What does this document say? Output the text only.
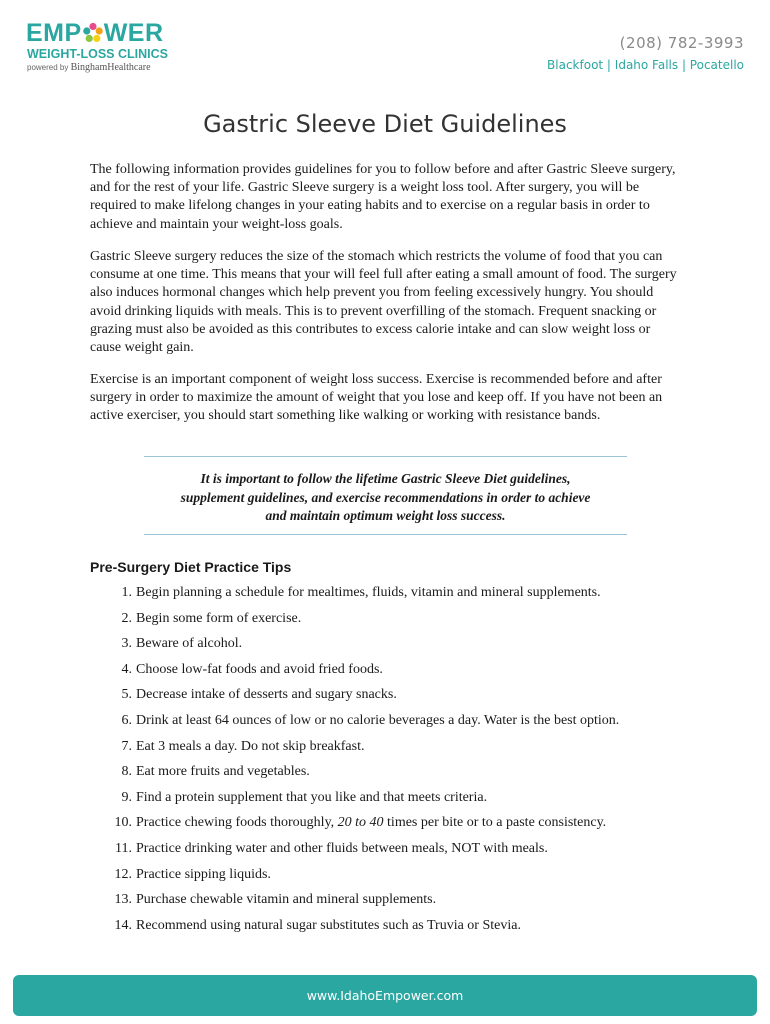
EMP WER
WEIGHT-LOSS CLINICS
powered by BinghamHealthcare
(208) 782-3993
Blackfoot | Idaho Falls | Pocatello
Gastric Sleeve Diet Guidelines

The following information provides guidelines for you to follow before and after Gastric Sleeve surgery, and for the rest of your life. Gastric Sleeve surgery is a weight loss tool. After surgery, you will be required to make lifelong changes in your eating habits and to exercise on a regular basis in order to achieve and maintain your weight-loss goals.

Gastric Sleeve surgery reduces the size of the stomach which restricts the volume of food that you can consume at one time. This means that your will feel full after eating a small amount of food. The surgery also induces hormonal changes which help prevent you from feeling excessively hungry. You should avoid drinking liquids with meals. This is to prevent overfilling of the stomach. Frequent snacking or grazing must also be avoided as this contributes to excess calorie intake and can slow weight loss or cause weight gain.

Exercise is an important component of weight loss success. Exercise is recommended before and after surgery in order to maximize the amount of weight that you lose and keep off. If you have not been an active exerciser, you should start something like walking or working with resistance bands.

It is important to follow the lifetime Gastric Sleeve Diet guidelines,
supplement guidelines, and exercise recommendations in order to achieve
and maintain optimum weight loss success.
Pre-Surgery Diet Practice Tips
1. Begin planning a schedule for mealtimes, fluids, vitamin and mineral supplements.
2. Begin some form of exercise.
3. Beware of alcohol.
4. Choose low-fat foods and avoid fried foods.
5. Decrease intake of desserts and sugary snacks.
6. Drink at least 64 ounces of low or no calorie beverages a day. Water is the best option.
7. Eat 3 meals a day. Do not skip breakfast.
8. Eat more fruits and vegetables.
9. Find a protein supplement that you like and that meets criteria.
10. Practice chewing foods thoroughly, 20 to 40 times per bite or to a paste consistency.
11. Practice drinking water and other fluids between meals, NOT with meals.
12. Practice sipping liquids.
13. Purchase chewable vitamin and mineral supplements.
14. Recommend using natural sugar substitutes such as Truvia or Stevia.
www.IdahoEmpower.com
